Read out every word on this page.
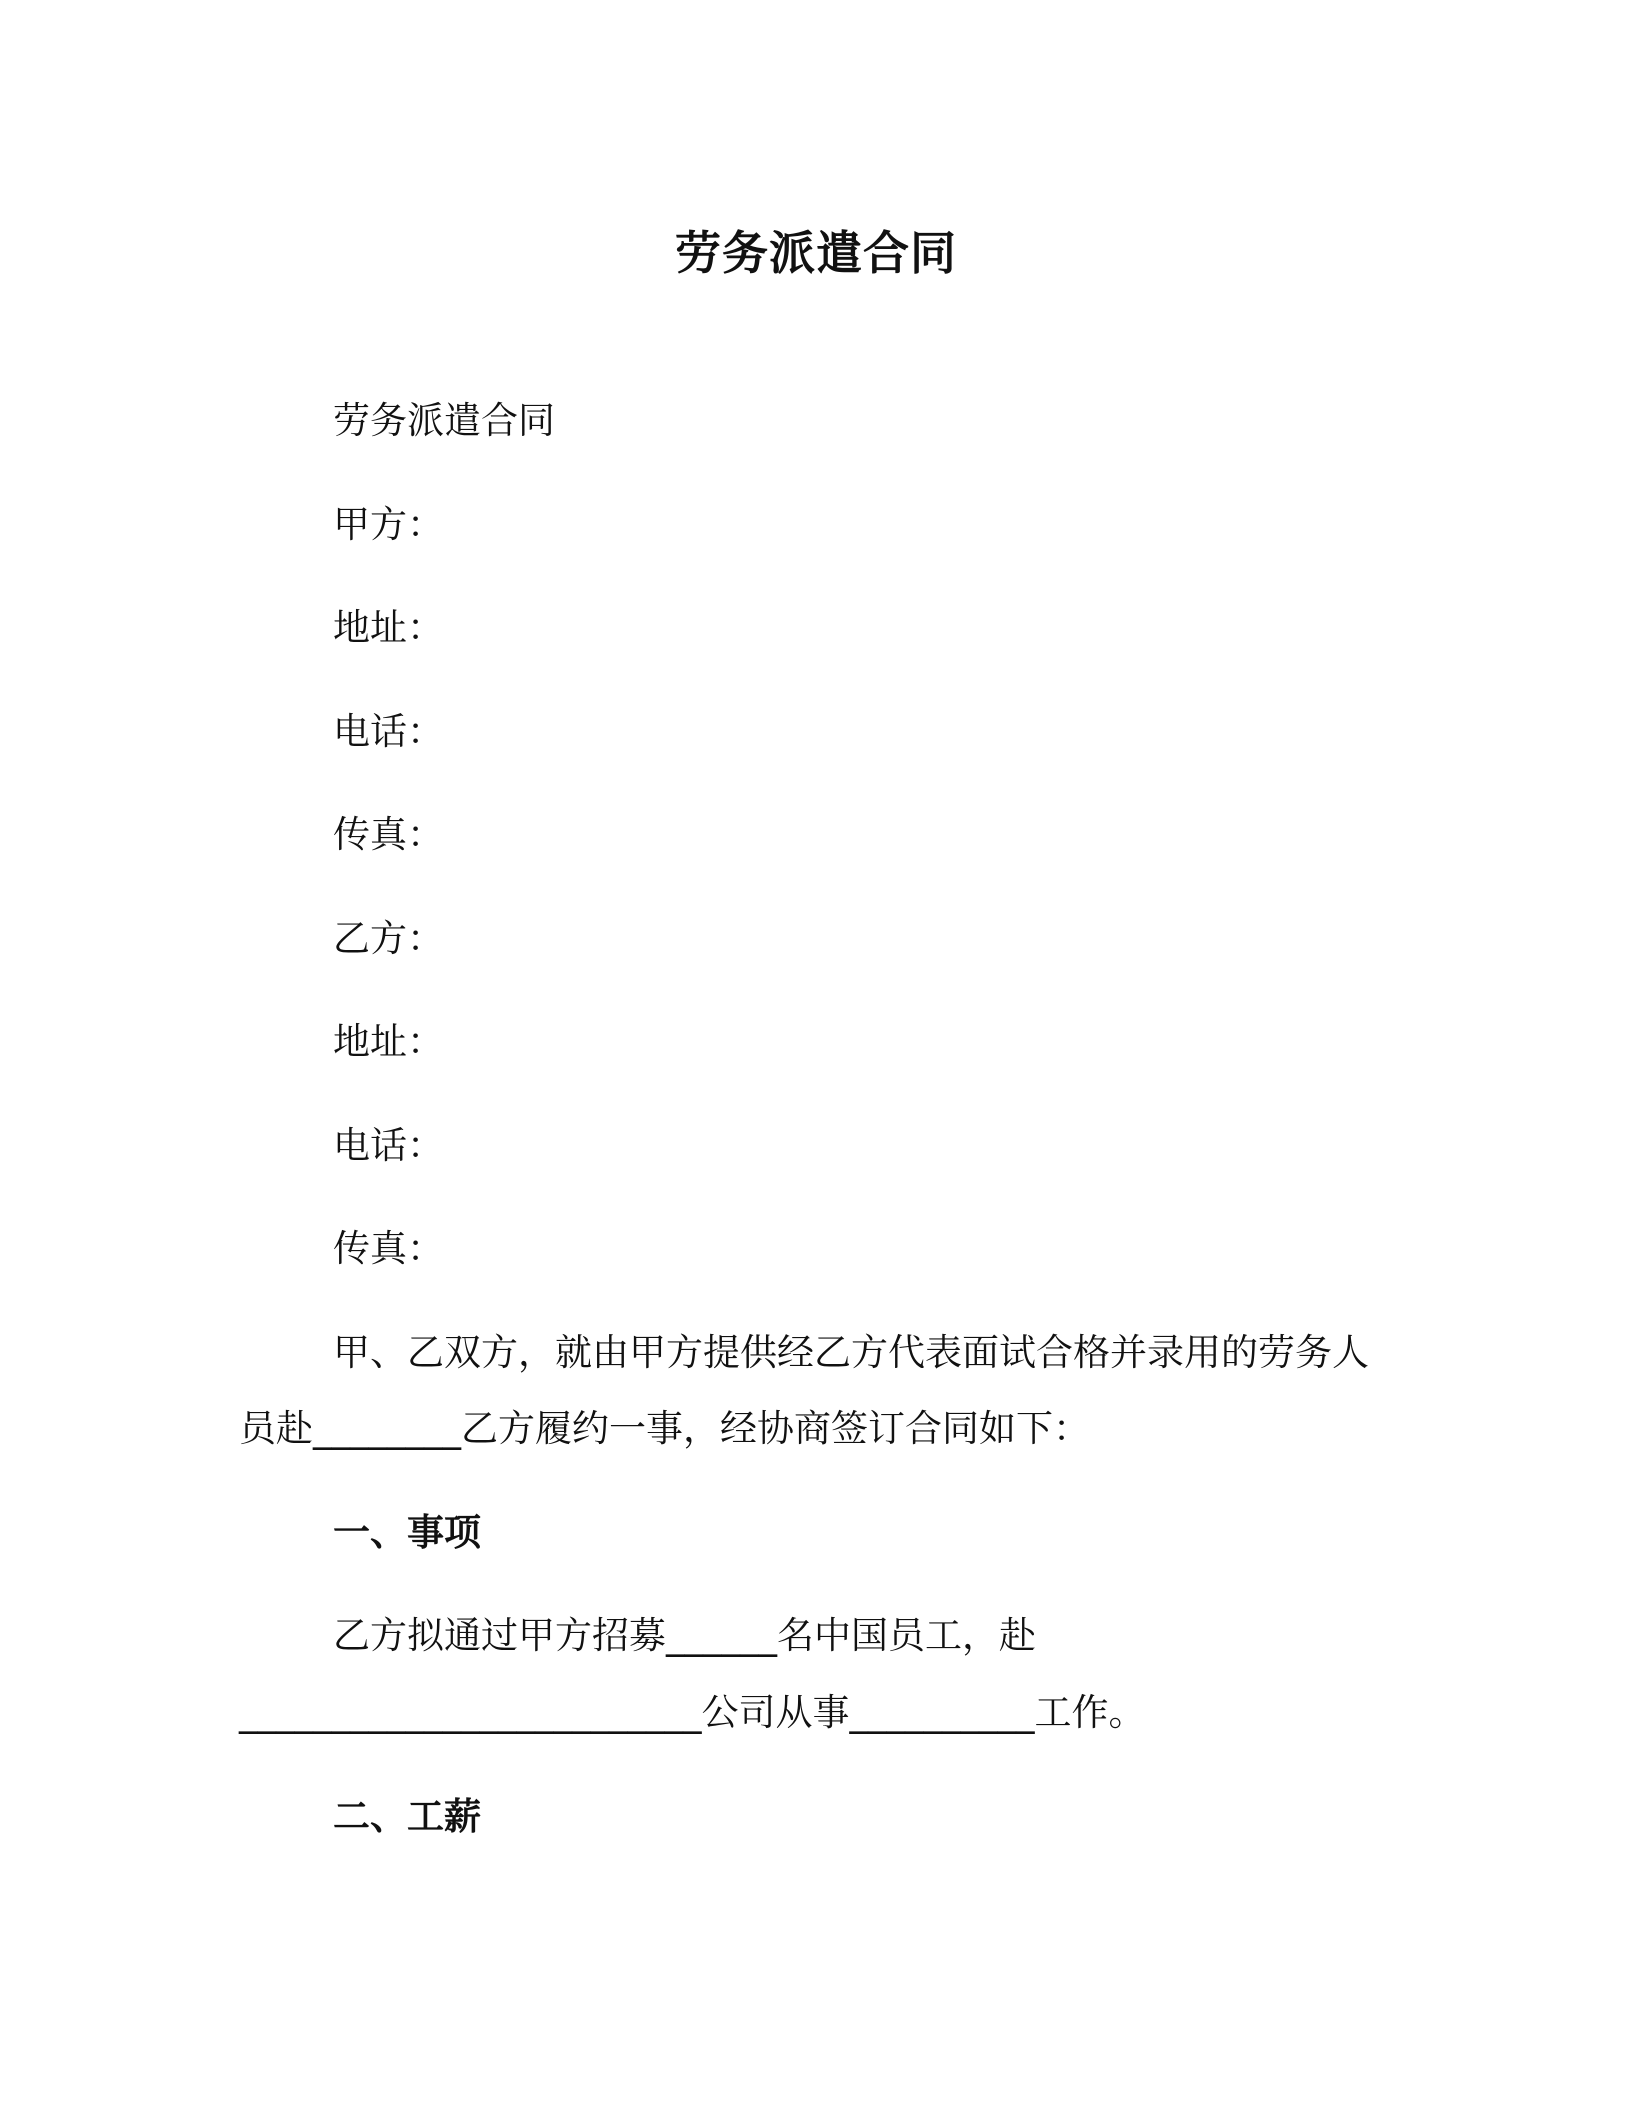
劳务派遣合同
劳务派遣合同
甲方：
地址：
电话：
传真：
乙方：
地址：
电话：
传真：
甲、乙双方，就由甲方提供经乙方代表面试合格并录用的劳务人
员赴________乙方履约一事，经协商签订合同如下：
一、事项
乙方拟通过甲方招募______名中国员工，赴
_________________________公司从事__________工作。
二、工薪
